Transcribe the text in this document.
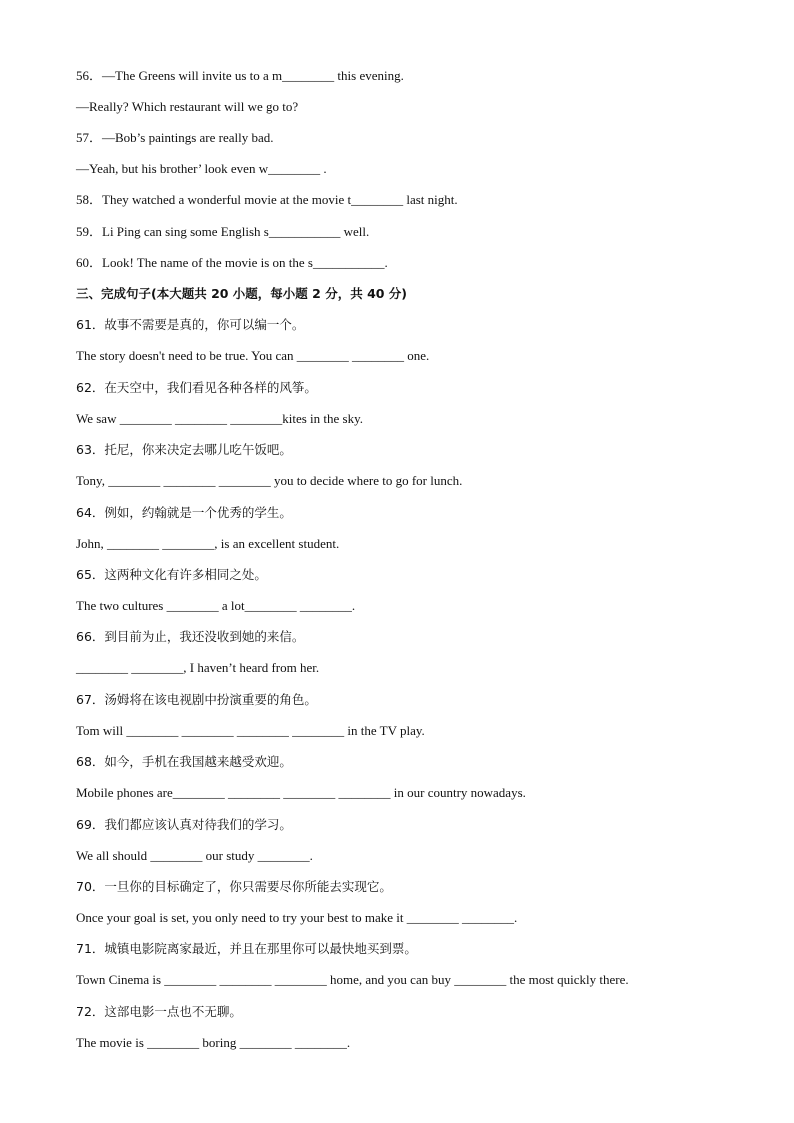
56．—The Greens will invite us to a m________ this evening.
—Really? Which restaurant will we go to?
57．—Bob’s paintings are really bad.
—Yeah, but his brother’ look even w________ .
58．They watched a wonderful movie at the movie t________ last night.
59．Li Ping can sing some English s___________ well.
60．Look! The name of the movie is on the s___________.
三、完成句子(本大题共 20 小题，每小题 2 分，共 40 分)
61．故事不需要是真的，你可以编一个。
The story doesn't need to be true. You can ________ ________ one.
62．在天空中，我们看见各种各样的风筝。
We saw ________ ________ ________kites in the sky.
63．托尼，你来决定去哪儿吃午饭吧。
Tony, ________ ________ ________ you to decide where to go for lunch.
64．例如，约翰就是一个优秀的学生。
John, ________ ________, is an excellent student.
65．这两种文化有许多相同之处。
The two cultures ________ a lot________ ________.
66．到目前为止，我还没收到她的来信。
________ ________, I haven’t heard from her.
67．汤姆将在该电视剧中扮演重要的角色。
Tom will ________ ________ ________ ________ in the TV play.
68．如今，手机在我国越来越受欢迎。
Mobile phones are________ ________ ________ ________ in our country nowadays.
69．我们都应该认真对待我们的学习。
We all should ________ our study ________.
70．一旦你的目标确定了，你只需要尽你所能去实现它。
Once your goal is set, you only need to try your best to make it ________ ________.
71．城镇电影院离家最近，并且在那里你可以最快地买到票。
Town Cinema is ________ ________ ________ home, and you can buy ________ the most quickly there.
72．这部电影一点也不无聊。
The movie is ________ boring ________ ________.
